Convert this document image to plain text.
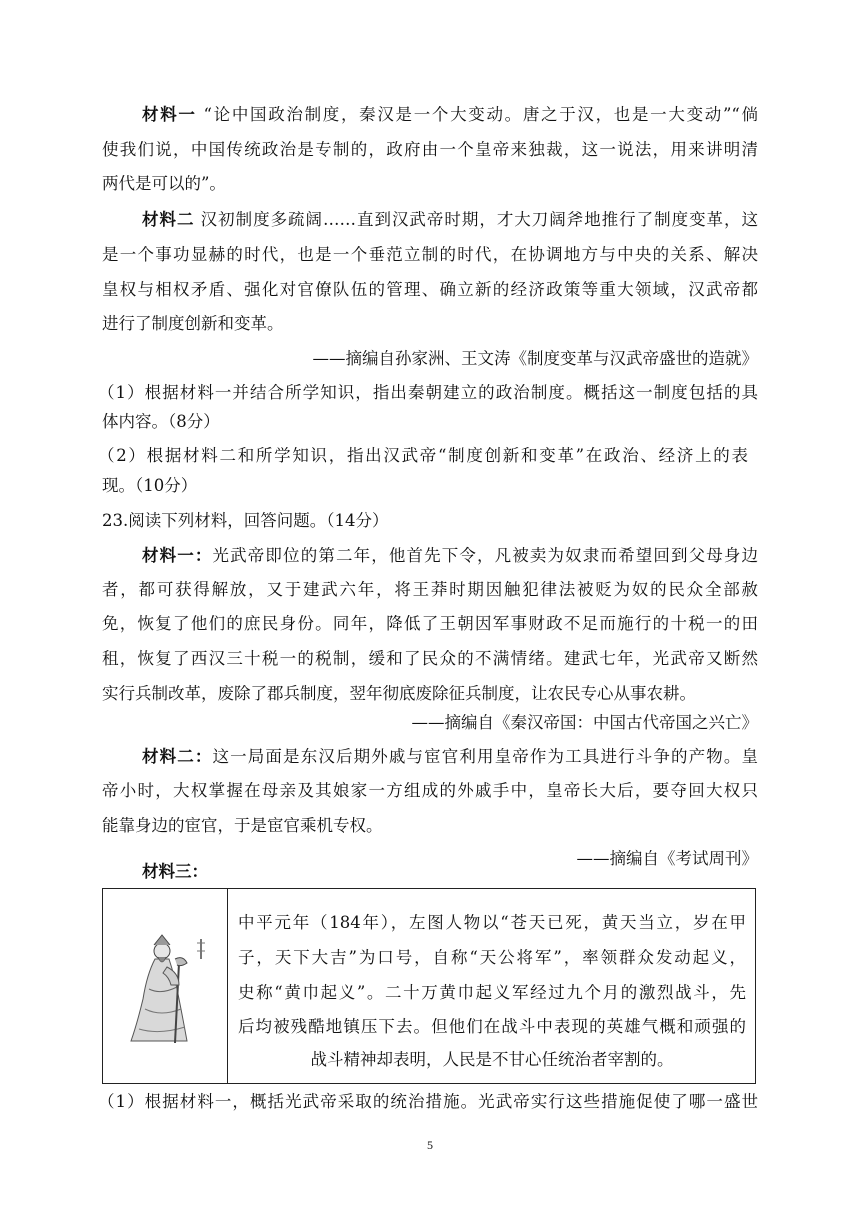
材料一 “论中国政治制度，秦汉是一个大变动。唐之于汉，也是一大变动”“倘
使我们说，中国传统政治是专制的，政府由一个皇帝来独裁，这一说法，用来讲明清
两代是可以的”。
材料二 汉初制度多疏阔……直到汉武帝时期，才大刀阔斧地推行了制度变革，这
是一个事功显赫的时代，也是一个垂范立制的时代，在协调地方与中央的关系、解决
皇权与相权矛盾、强化对官僚队伍的管理、确立新的经济政策等重大领域，汉武帝都
进行了制度创新和变革。
——摘编自孙家洲、王文涛《制度变革与汉武帝盛世的造就》
（1）根据材料一并结合所学知识，指出秦朝建立的政治制度。概括这一制度包括的具
体内容。（8分）
（2）根据材料二和所学知识，指出汉武帝“制度创新和变革”在政治、经济上的表
现。（10分）
23.阅读下列材料，回答问题。（14分）
材料一：光武帝即位的第二年，他首先下令，凡被卖为奴隶而希望回到父母身边
者，都可获得解放，又于建武六年，将王莽时期因触犯律法被贬为奴的民众全部赦
免，恢复了他们的庶民身份。同年，降低了王朝因军事财政不足而施行的十税一的田
租，恢复了西汉三十税一的税制，缓和了民众的不满情绪。建武七年，光武帝又断然
实行兵制改革，废除了郡兵制度，翌年彻底废除征兵制度，让农民专心从事农耕。
——摘编自《秦汉帝国：中国古代帝国之兴亡》
材料二：这一局面是东汉后期外戚与宦官利用皇帝作为工具进行斗争的产物。皇
帝小时，大权掌握在母亲及其娘家一方组成的外戚手中，皇帝长大后，要夺回大权只
能靠身边的宦官，于是宦官乘机专权。
——摘编自《考试周刊》
材料三：
中平元年（184年），左图人物以“苍天已死，黄天当立，岁在甲
子，天下大吉”为口号，自称“天公将军”，率领群众发动起义，
史称“黄巾起义”。二十万黄巾起义军经过九个月的激烈战斗，先
后均被残酷地镇压下去。但他们在战斗中表现的英雄气概和顽强的
战斗精神却表明，人民是不甘心任统治者宰割的。
（1）根据材料一，概括光武帝采取的统治措施。光武帝实行这些措施促使了哪一盛世
5
